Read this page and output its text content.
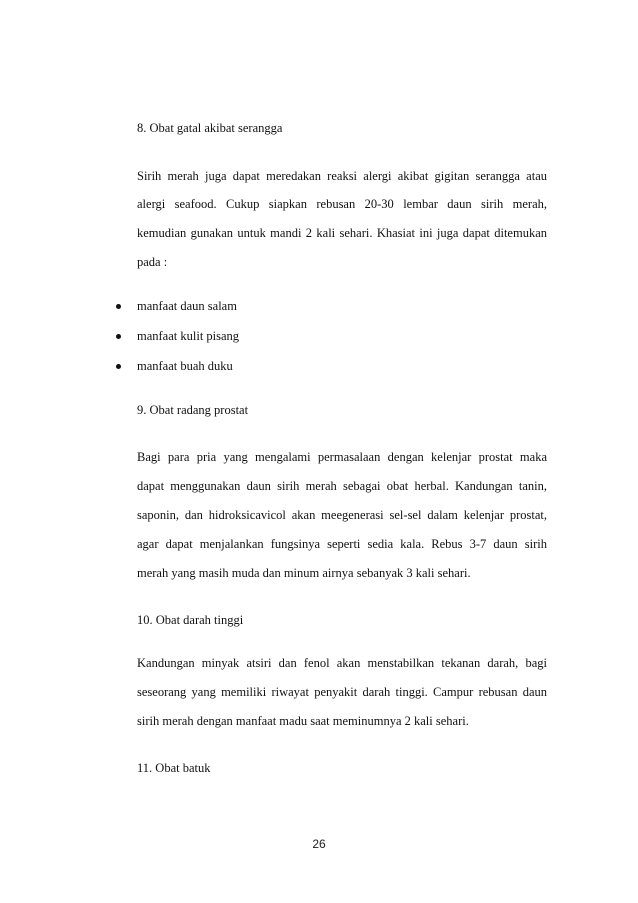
8. Obat gatal akibat serangga
Sirih merah juga dapat meredakan reaksi alergi akibat gigitan serangga atau
alergi seafood. Cukup siapkan rebusan 20-30 lembar daun sirih merah,
kemudian gunakan untuk mandi 2 kali sehari. Khasiat ini juga dapat ditemukan
pada :
manfaat daun salam
manfaat kulit pisang
manfaat buah duku
9. Obat radang prostat
Bagi para pria yang mengalami permasalaan dengan kelenjar prostat maka
dapat menggunakan daun sirih merah sebagai obat herbal. Kandungan tanin,
saponin, dan hidroksicavicol akan meegenerasi sel-sel dalam kelenjar prostat,
agar dapat menjalankan fungsinya seperti sedia kala. Rebus 3-7 daun sirih
merah yang masih muda dan minum airnya sebanyak 3 kali sehari.
10. Obat darah tinggi
Kandungan minyak atsiri dan fenol akan menstabilkan tekanan darah, bagi
seseorang yang memiliki riwayat penyakit darah tinggi. Campur rebusan daun
sirih merah dengan manfaat madu saat meminumnya 2 kali sehari.
11. Obat batuk
26
